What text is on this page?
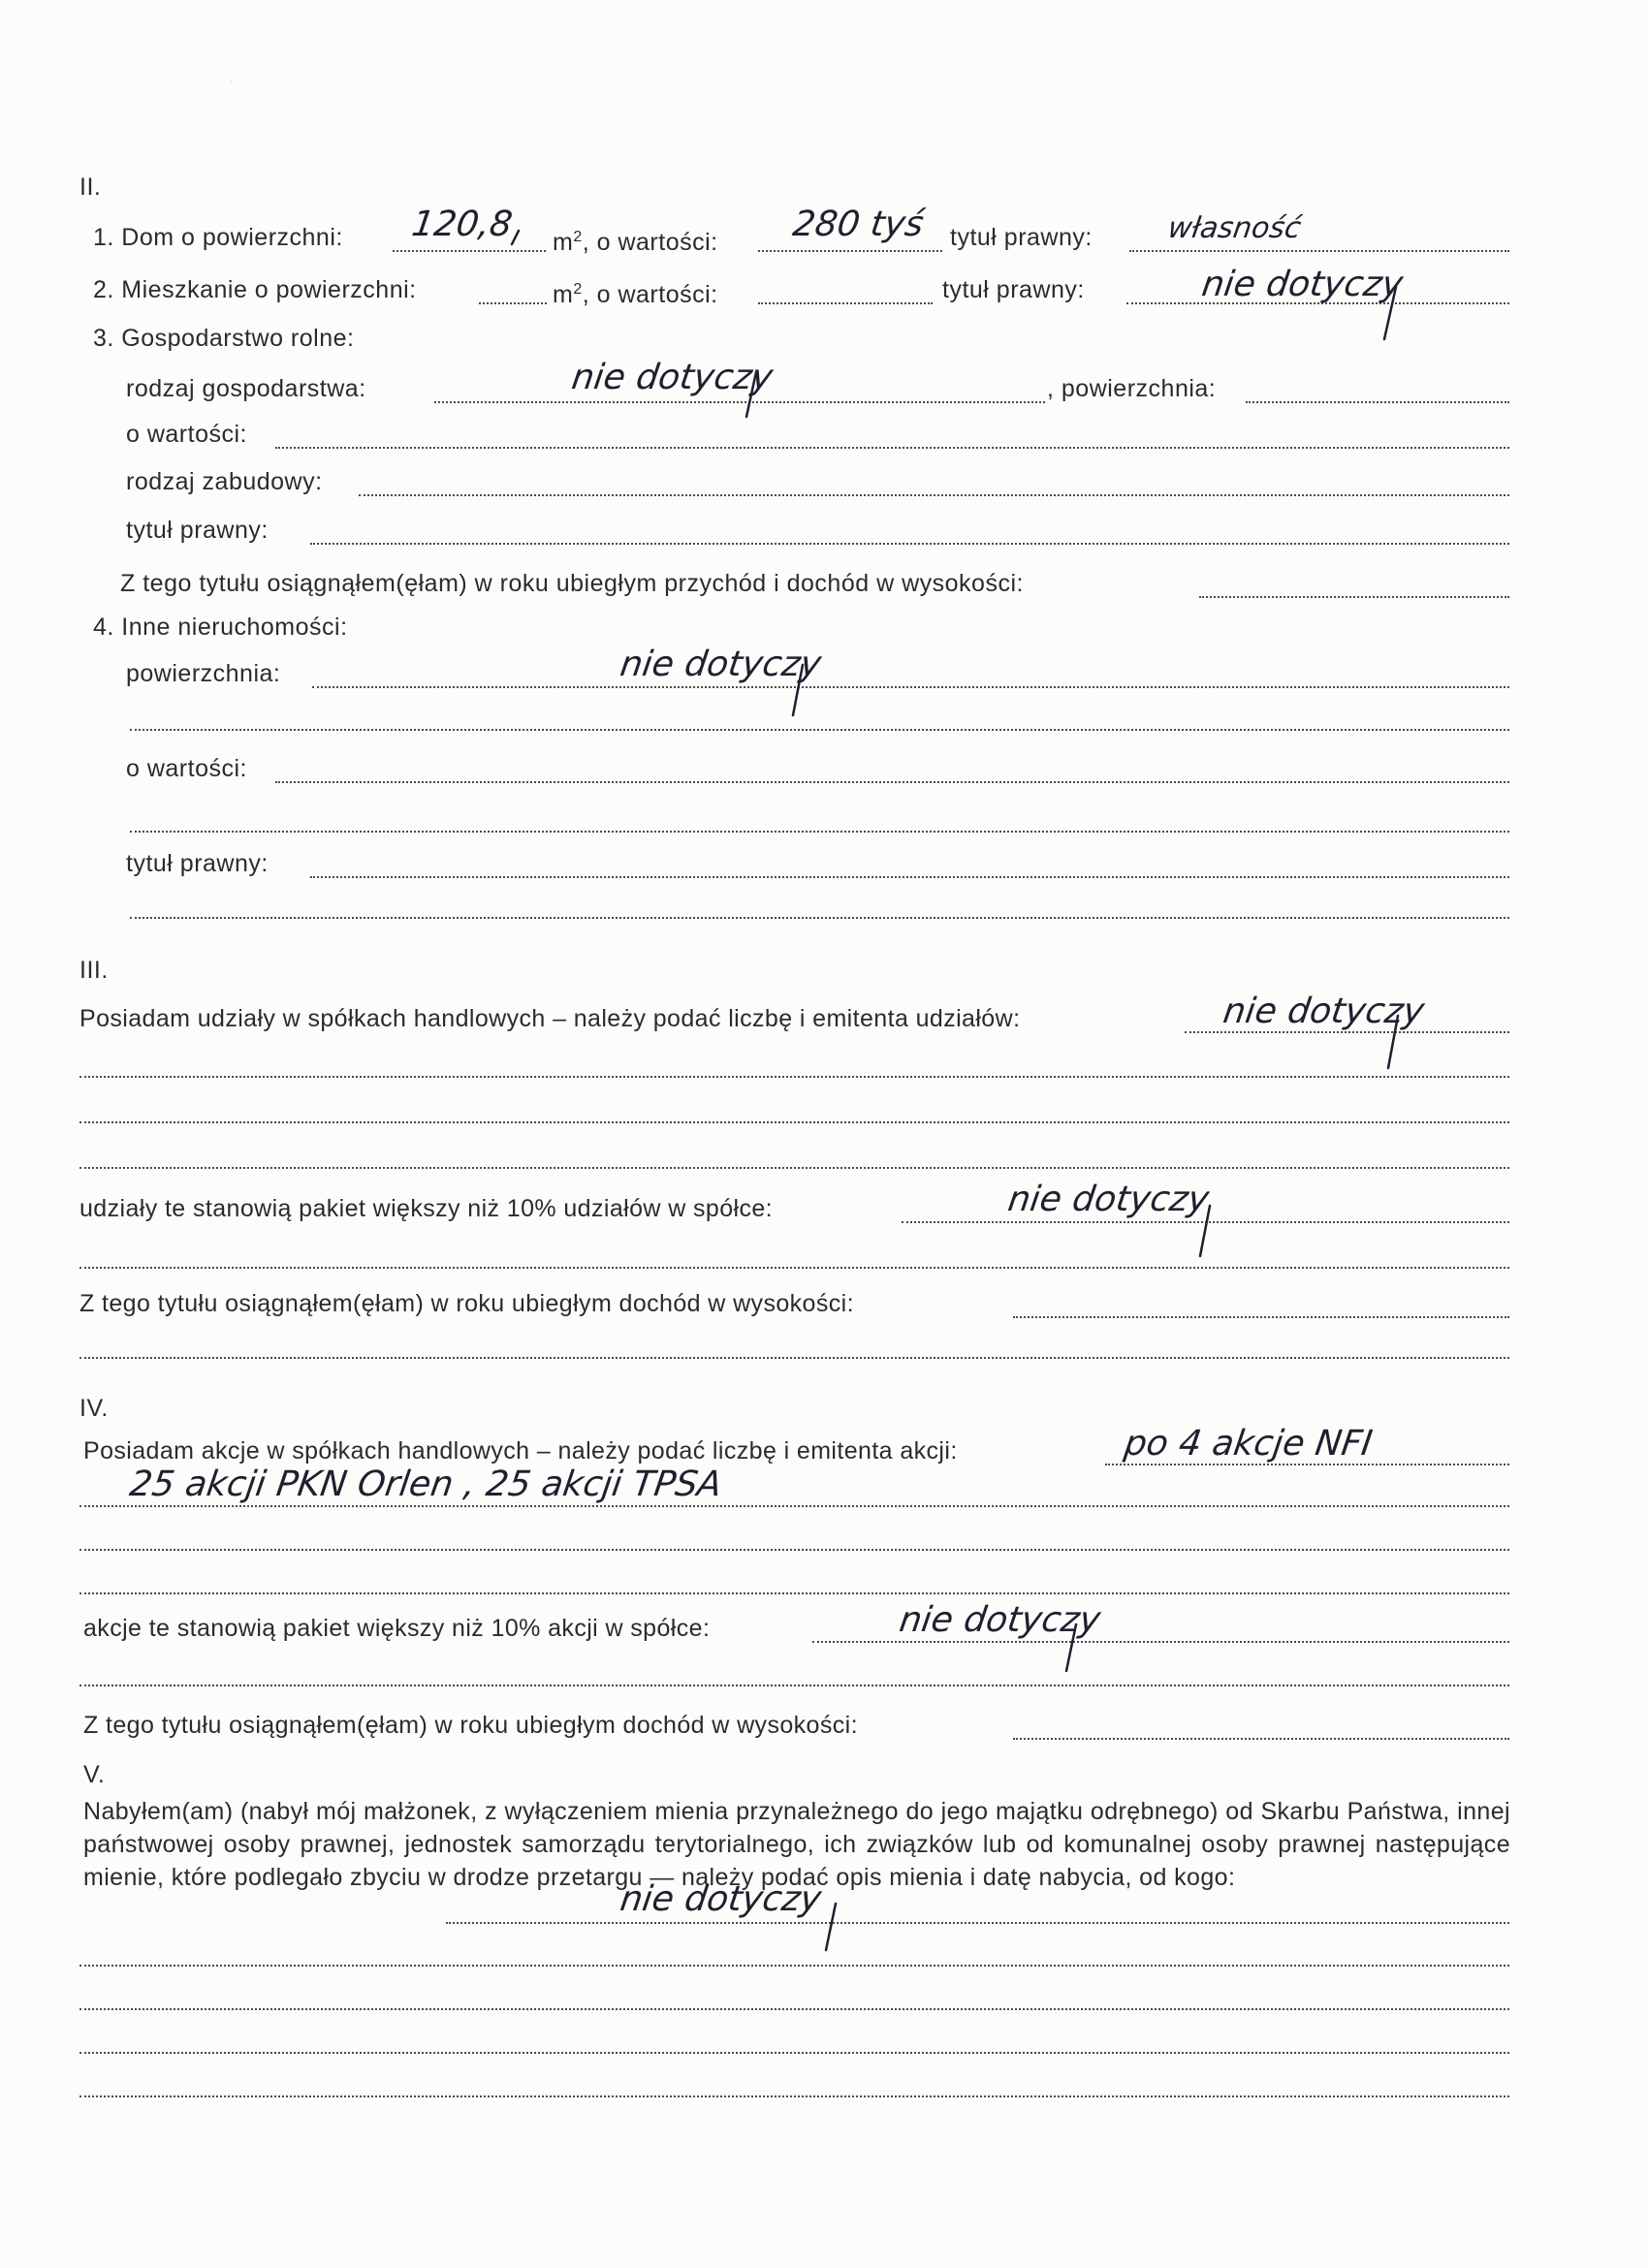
·
II.
1. Dom o powierzchni: 120,8 $m^2$, o wartości: 280 tyś tytuł prawny:	własność
2. Mieszkanie o powierzchni:	$m^2$, o wartości:	tytuł prawny:	nie dotyczy
3. Gospodarstwo rolne:
rodzaj gospodarstwa:	nie dotyczy	, powierzchnia:
o wartości:
rodzaj zabudowy:
tytuł prawny:
Z tego tytułu osiągnąłem(ęłam) w roku ubiegłym przychód i dochód w wysokości:
4. Inne nieruchomości:
powierzchnia:	nie dotyczy
o wartości:
tytuł prawny:
III.
Posiadam udziały w spółkach handlowych – należy podać liczbę i emitenta udziałów:	nie dotyczy
udziały te stanowią pakiet większy niż 10% udziałów w spółce:	nie dotyczy
Z tego tytułu osiągnąłem(ęłam) w roku ubiegłym dochód w wysokości:
IV.
Posiadam akcje w spółkach handlowych – należy podać liczbę i emitenta akcji:	po 4 akcje NFI
25 akcji PKN Orlen , 25 akcji TPSA
akcje te stanowią pakiet większy niż 10% akcji w spółce:	nie dotyczy
Z tego tytułu osiągnąłem(ęłam) w roku ubiegłym dochód w wysokości:
V.
Nabyłem(am) (nabył mój małżonek, z wyłączeniem mienia przynależnego do jego majątku odrębnego) od Skarbu Państwa, innej państwowej osoby prawnej, jednostek samorządu terytorialnego, ich związków lub od komunalnej osoby prawnej następujące mienie, które podlegało zbyciu w drodze przetargu — należy podać opis mienia i datę nabycia, od kogo:
nie dotyczy
